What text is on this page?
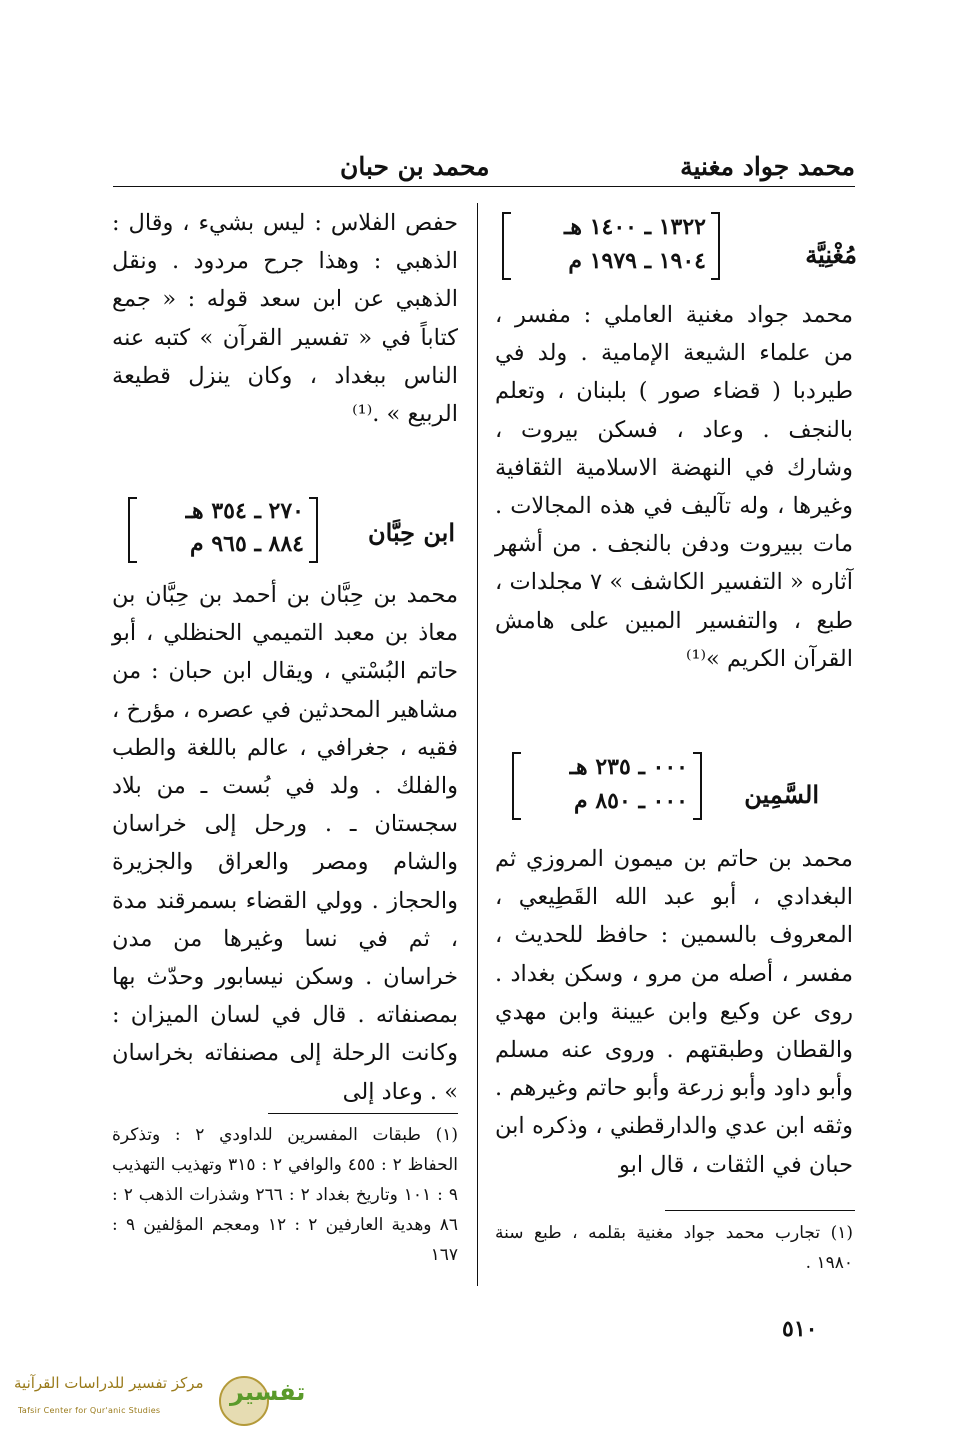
محمد جواد مغنية
محمد بن حبان
مُغْنِيَّة
١٣٢٢ ـ ١٤٠٠ هـ
١٩٠٤ ـ ١٩٧٩ م
محمد جواد مغنية العاملي : مفسر ، من علماء الشيعة الإمامية . ولد في طيردبا ( قضاء صور ) بلبنان ، وتعلم بالنجف . وعاد ، فسكن بيروت ، وشارك في النهضة الاسلامية الثقافية وغيرها ، وله تآليف في هذه المجالات . مات ببيروت ودفن بالنجف . من أشهر آثاره « التفسير الكاشف » ٧ مجلدات ، طبع ، والتفسير المبين على هامش القرآن الكريم »⁽¹⁾
السَّمِين
٠٠٠ ـ ٢٣٥ هـ
٠٠٠ ـ ٨٥٠ م
محمد بن حاتم بن ميمون المروزي ثم البغدادي ، أبو عبد الله القَطِيعي ، المعروف بالسمين : حافظ للحديث ، مفسر ، أصله من مرو ، وسكن بغداد . روى عن وكيع وابن عيينة وابن مهدي والقطان وطبقتهم . وروى عنه مسلم وأبو داود وأبو زرعة وأبو حاتم وغيرهم . وثقه ابن عدي والدارقطني ، وذكره ابن حبان في الثقات ، قال ابو
(١) تجارب محمد جواد مغنية بقلمه ، طبع سنة ١٩٨٠ .
حفص الفلاس : ليس بشيء ، وقال : الذهبي : وهذا جرح مردود . ونقل الذهبي عن ابن سعد قوله : « جمع كتاباً في « تفسير القرآن » كتبه عنه الناس ببغداد ، وكان ينزل قطيعة الربيع » .⁽¹⁾
ابن حِبَّان
٢٧٠ ـ ٣٥٤ هـ
٨٨٤ ـ ٩٦٥ م
محمد بن حِبَّان بن أحمد بن حِبَّان بن معاذ بن معبد التميمي الحنظلي ، أبو حاتم البُسْتي ، ويقال ابن حبان : من مشاهير المحدثين في عصره ، مؤرخ ، فقيه ، جغرافي ، عالم باللغة والطب والفلك . ولد في بُست ـ من بلاد سجستان ـ . ورحل إلى خراسان والشام ومصر والعراق والجزيرة والحجاز . وولي القضاء بسمرقند مدة ، ثم في نسا وغيرها من مدن خراسان . وسكن نيسابور وحدّث بها بمصنفاته . قال في لسان الميزان : وكانت الرحلة إلى مصنفاته بخراسان » . وعاد إلى
(١) طبقات المفسرين للداودي ٢ : وتذكرة الحفاظ ٢ : ٤٥٥ والوافي ٢ : ٣١٥ وتهذيب التهذيب ٩ : ١٠١ وتاريخ بغداد ٢ : ٢٦٦ وشذرات الذهب ٢ : ٨٦ وهدية العارفين ٢ : ١٢ ومعجم المؤلفين ٩ : ١٦٧
٥١٠
مركز تفسير للدراسات القرآنية
Tafsir Center for Qur'anic Studies
تفسير
